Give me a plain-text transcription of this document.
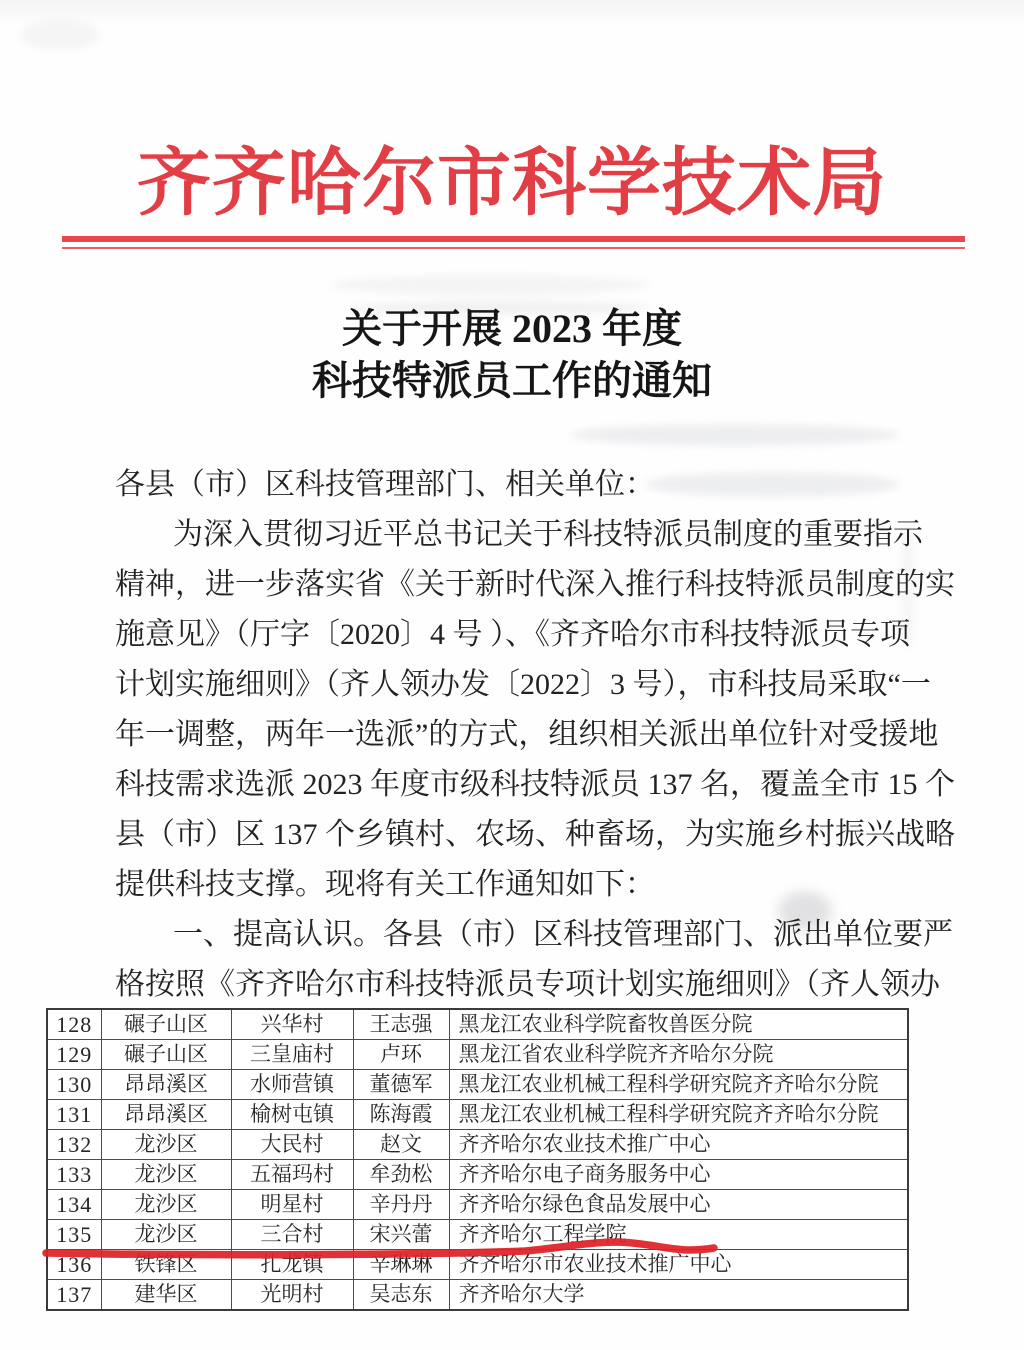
齐齐哈尔市科学技术局
关于开展 2023 年度
科技特派员工作的通知
各县（市）区科技管理部门、相关单位：
为深入贯彻习近平总书记关于科技特派员制度的重要指示
精神，进一步落实省《关于新时代深入推行科技特派员制度的实
施意见》（厅字〔2020〕4 号 ）、《齐齐哈尔市科技特派员专项
计划实施细则》（齐人领办发〔2022〕3 号），市科技局采取“一
年一调整，两年一选派”的方式，组织相关派出单位针对受援地
科技需求选派 2023 年度市级科技特派员 137 名，覆盖全市 15 个
县（市）区 137 个乡镇村、农场、种畜场，为实施乡村振兴战略
提供科技支撑。现将有关工作通知如下：
一、提高认识。各县（市）区科技管理部门、派出单位要严
格按照《齐齐哈尔市科技特派员专项计划实施细则》（齐人领办
128	碾子山区	兴华村	王志强	黑龙江农业科学院畜牧兽医分院
129	碾子山区	三皇庙村	卢环	黑龙江省农业科学院齐齐哈尔分院
130	昂昂溪区	水师营镇	董德军	黑龙江农业机械工程科学研究院齐齐哈尔分院
131	昂昂溪区	榆树屯镇	陈海霞	黑龙江农业机械工程科学研究院齐齐哈尔分院
132	龙沙区	大民村	赵文	齐齐哈尔农业技术推广中心
133	龙沙区	五福玛村	牟劲松	齐齐哈尔电子商务服务中心
134	龙沙区	明星村	辛丹丹	齐齐哈尔绿色食品发展中心
135	龙沙区	三合村	宋兴蕾	齐齐哈尔工程学院
136	铁锋区	扎龙镇	辛琳琳	齐齐哈尔市农业技术推广中心
137	建华区	光明村	吴志东	齐齐哈尔大学
